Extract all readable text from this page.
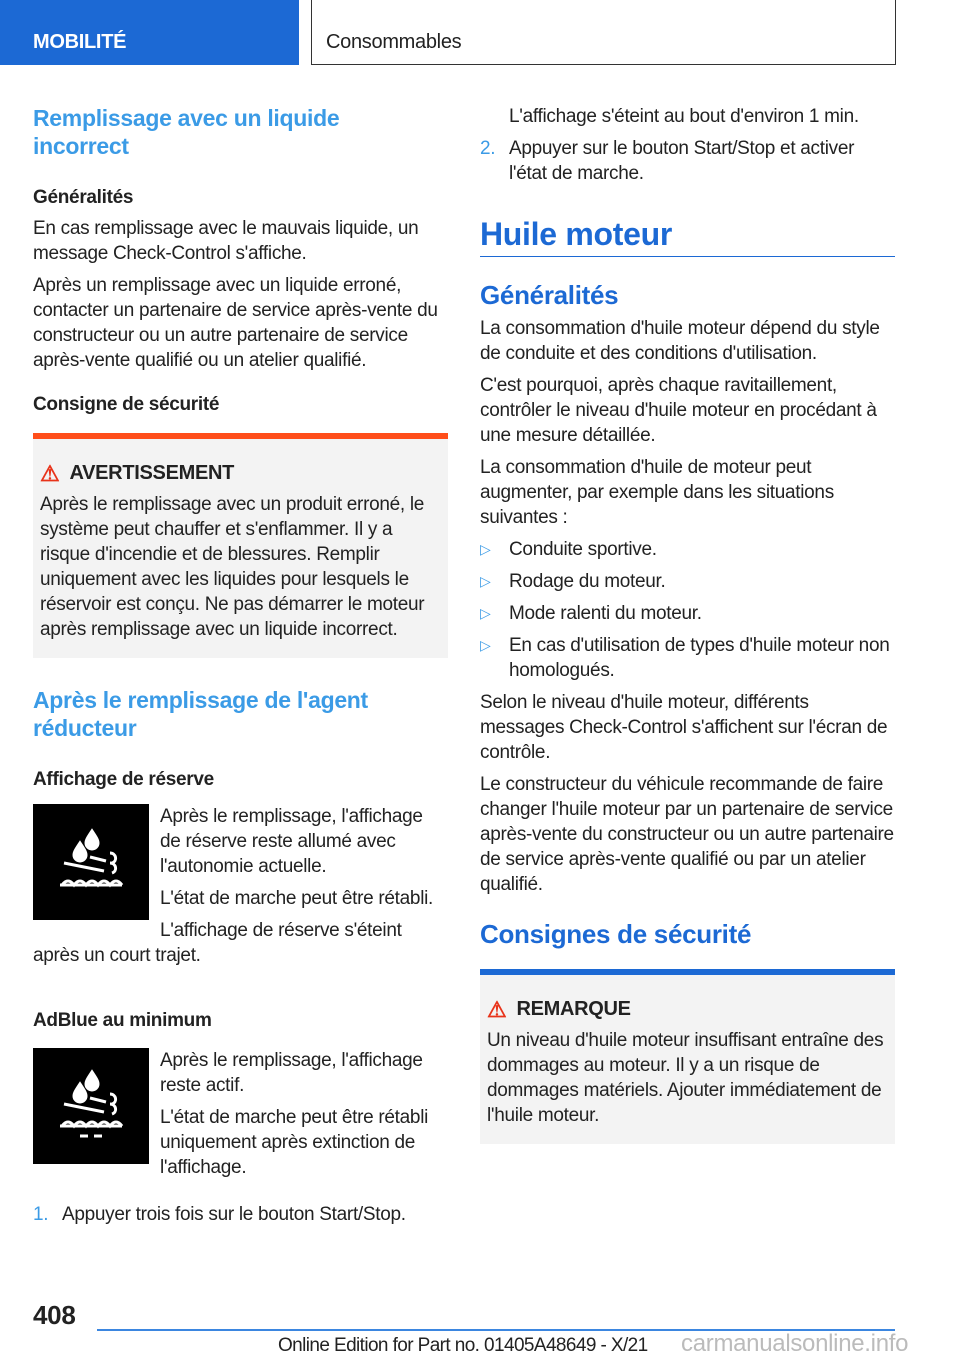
MOBILITÉ	Consommables
Remplissage avec un liquide incorrect
Généralités

En cas remplissage avec le mauvais liquide, un message Check-Control s'affiche.

Après un remplissage avec un liquide erroné, contacter un partenaire de service après-vente du constructeur ou un autre partenaire de service après-vente qualifié ou un atelier qualifié.

Consigne de sécurité
⚠ AVERTISSEMENT
Après le remplissage avec un produit erroné, le système peut chauffer et s'enflammer. Il y a risque d'incendie et de blessures. Remplir uniquement avec les liquides pour lesquels le réservoir est conçu. Ne pas démarrer le moteur après remplissage avec un liquide incorrect.
Après le remplissage de l'agent réducteur
Affichage de réserve

Après le remplissage, l'affichage de réserve reste allumé avec l'autonomie actuelle.

L'état de marche peut être rétabli.

L'affichage de réserve s'éteint après un court trajet.

AdBlue au minimum

Après le remplissage, l'affichage reste actif.

L'état de marche peut être rétabli uniquement après extinction de l'affichage.

1. Appuyer trois fois sur le bouton Start/Stop.

L'affichage s'éteint au bout d'environ 1 min.

2. Appuyer sur le bouton Start/Stop et activer l'état de marche.
Huile moteur
Généralités

La consommation d'huile moteur dépend du style de conduite et des conditions d'utilisation.

C'est pourquoi, après chaque ravitaillement, contrôler le niveau d'huile moteur en procédant à une mesure détaillée.

La consommation d'huile de moteur peut augmenter, par exemple dans les situations suivantes :

▷ Conduite sportive.
▷ Rodage du moteur.
▷ Mode ralenti du moteur.
▷ En cas d'utilisation de types d'huile moteur non homologués.

Selon le niveau d'huile moteur, différents messages Check-Control s'affichent sur l'écran de contrôle.

Le constructeur du véhicule recommande de faire changer l'huile moteur par un partenaire de service après-vente du constructeur ou un autre partenaire de service après-vente qualifié ou par un atelier qualifié.

Consignes de sécurité
⚠ REMARQUE
Un niveau d'huile moteur insuffisant entraîne des dommages au moteur. Il y a un risque de dommages matériels. Ajouter immédiatement de l'huile moteur.
408
Online Edition for Part no. 01405A48649 - X/21 carmanualsonline.info
